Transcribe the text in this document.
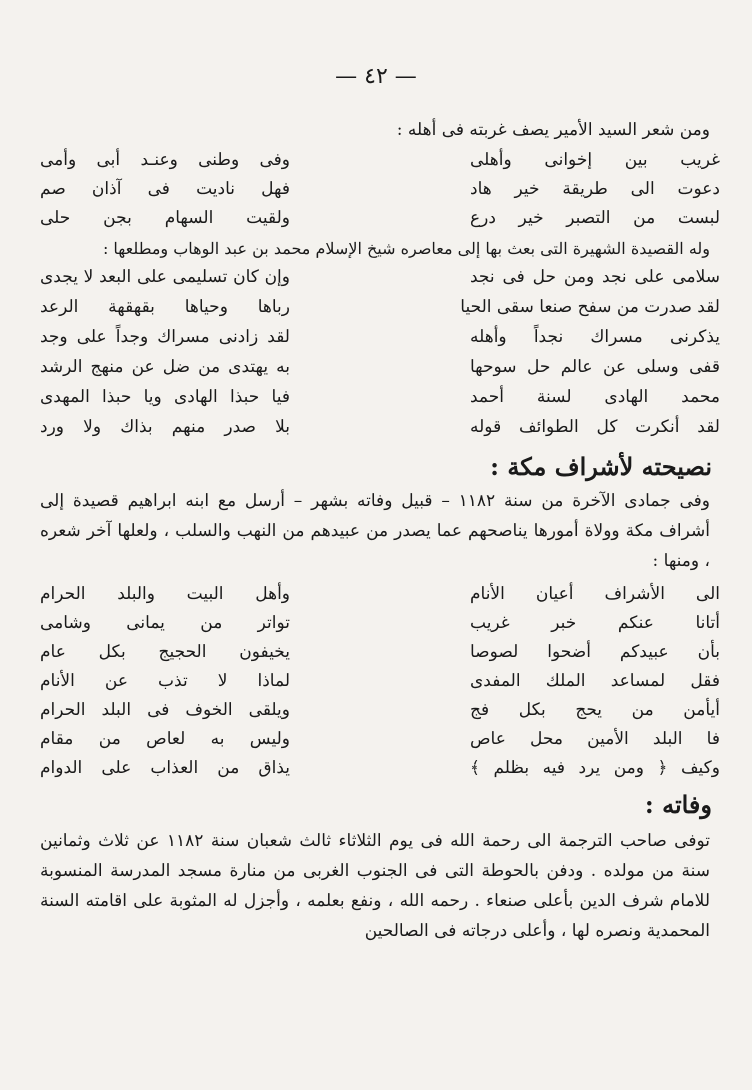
— ٤٢ —
ومن شعر السيد الأمير يصف غربته فى أهله :
غريب بين إخوانى وأهلى
وفى وطنى وعنـد أبى وأمى
دعوت الى طريقة خير هاد
فهل ناديت فى آذان صم
لبست من التصبر خير درع
ولقيت السهام بجن حلى
وله القصيدة الشهيرة التى بعث بها إلى معاصره شيخ الإسلام محمد بن عبد الوهاب ومطلعها :
سلامى على نجد ومن حل فى نجد
وإن كان تسليمى على البعد لا يجدى
لقد صدرت من سفح صنعا سقى الحيا
رباها وحياها بقهقهة الرعد
يذكرنى مسراك نجداً وأهله
لقد زادنى مسراك وجداً على وجد
قفى وسلى عن عالم حل سوحها
به يهتدى من ضل عن منهج الرشد
محمد الهادى لسنة أحمد
فيا حبذا الهادى ويا حبذا المهدى
لقد أنكرت كل الطوائف قوله
بلا صدر منهم بذاك ولا ورد
نصيحته لأشراف مكة :
وفى جمادى الآخرة من سنة ١١٨٢ – قبيل وفاته بشهر – أرسل مع ابنه ابراهيم قصيدة إلى أشراف مكة وولاة أمورها يناصحهم عما يصدر من عبيدهم من النهب والسلب ، ولعلها آخر شعره ، ومنها :
الى الأشراف أعيان الأنام
وأهل البيت والبلد الحرام
أتانا عنكم خبر غريب
تواتر من يمانى وشامى
بأن عبيدكم أضحوا لصوصا
يخيفون الحجيج بكل عام
فقل لمساعد الملك المفدى
لماذا لا تذب عن الأنام
أيأمن من يحج بكل فج
ويلقى الخوف فى البلد الحرام
فا البلد الأمين محل عاص
وليس به لعاص من مقام
وكيف ﴿ ومن يرد فيه بظلم ﴾
يذاق من العذاب على الدوام
وفاته :
توفى صاحب الترجمة الى رحمة الله فى يوم الثلاثاء ثالث شعبان سنة ١١٨٢ عن ثلاث وثمانين سنة من مولده . ودفن بالحوطة التى فى الجنوب الغربى من منارة مسجد المدرسة المنسوبة للامام شرف الدين بأعلى صنعاء . رحمه الله ، ونفع بعلمه ، وأجزل له المثوبة على اقامته السنة المحمدية ونصره لها ، وأعلى درجاته فى الصالحين
